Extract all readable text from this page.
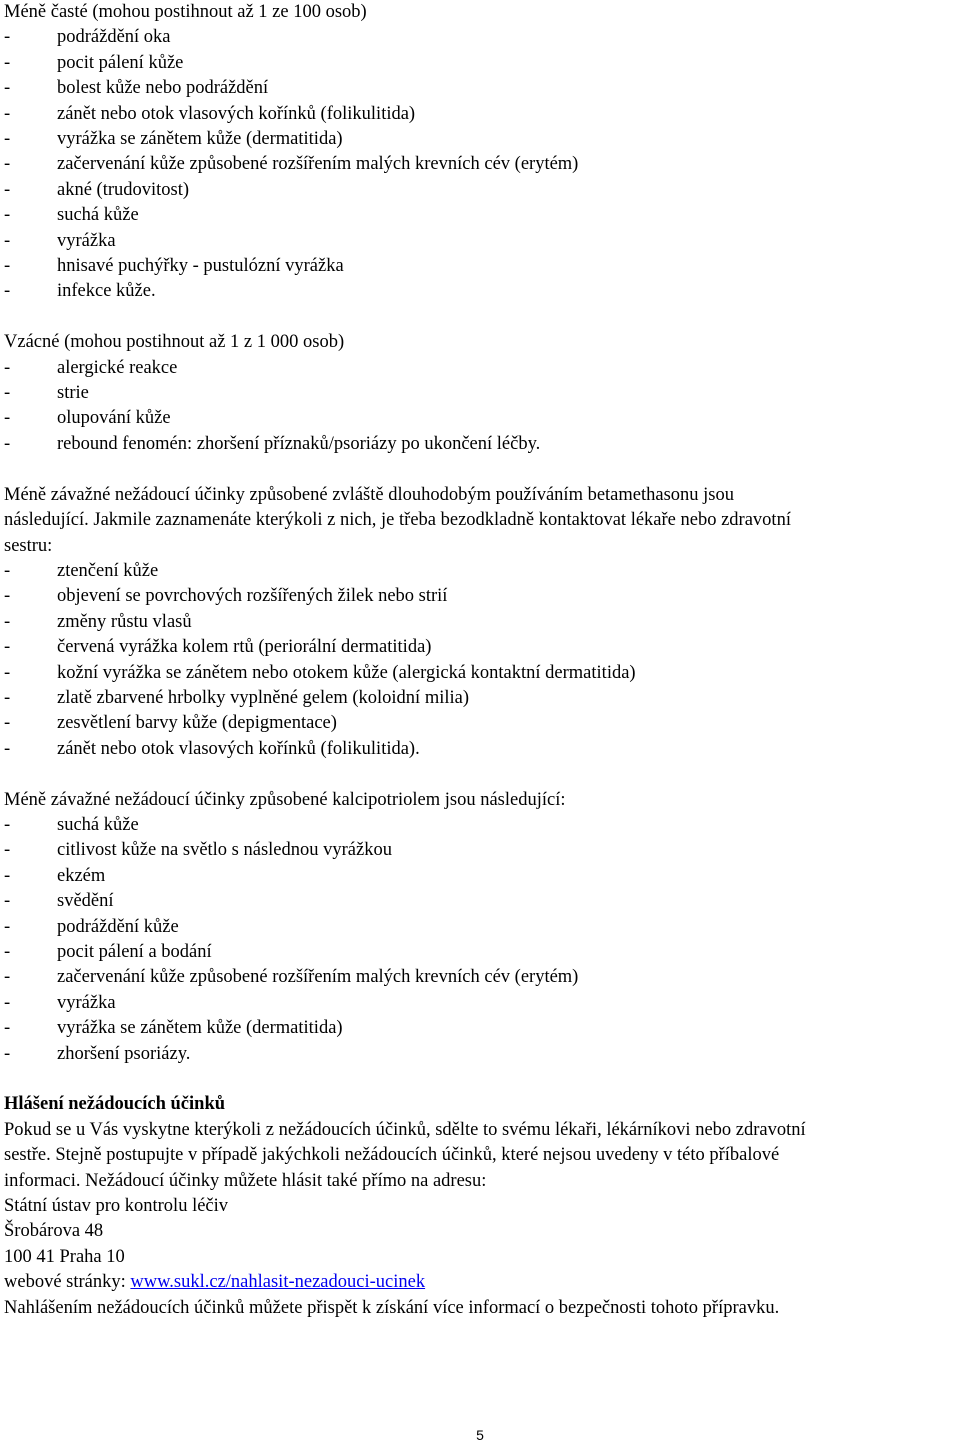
Méně časté (mohou postihnout až 1 ze 100 osob)
-	podráždění oka
-	pocit pálení kůže
-	bolest kůže nebo podráždění
-	zánět nebo otok vlasových kořínků (folikulitida)
-	vyrážka se zánětem kůže (dermatitida)
-	začervenání kůže způsobené rozšířením malých krevních cév (erytém)
-	akné (trudovitost)
-	suchá kůže
-	vyrážka
-	hnisavé puchýřky - pustulózní vyrážka
-	infekce kůže.
Vzácné (mohou postihnout až 1 z 1 000 osob)
-	alergické reakce
-	strie
-	olupování kůže
-	rebound fenomén: zhoršení příznaků/psoriázy po ukončení léčby.
Méně závažné nežádoucí účinky způsobené zvláště dlouhodobým používáním betamethasonu jsou
následující. Jakmile zaznamenáte kterýkoli z nich, je třeba bezodkladně kontaktovat lékaře nebo zdravotní
sestru:
-	ztenčení kůže
-	objevení se povrchových rozšířených žilek nebo strií
-	změny růstu vlasů
-	červená vyrážka kolem rtů (periorální dermatitida)
-	kožní vyrážka se zánětem nebo otokem kůže (alergická kontaktní dermatitida)
-	zlatě zbarvené hrbolky vyplněné gelem (koloidní milia)
-	zesvětlení barvy kůže (depigmentace)
-	zánět nebo otok vlasových kořínků (folikulitida).
Méně závažné nežádoucí účinky způsobené kalcipotriolem jsou následující:
-	suchá kůže
-	citlivost kůže na světlo s následnou vyrážkou
-	ekzém
-	svědění
-	podráždění kůže
-	pocit pálení a bodání
-	začervenání kůže způsobené rozšířením malých krevních cév (erytém)
-	vyrážka
-	vyrážka se zánětem kůže (dermatitida)
-	zhoršení psoriázy.
Hlášení nežádoucích účinků
Pokud se u Vás vyskytne kterýkoli z nežádoucích účinků, sdělte to svému lékaři, lékárníkovi nebo zdravotní
sestře. Stejně postupujte v případě jakýchkoli nežádoucích účinků, které nejsou uvedeny v této příbalové
informaci. Nežádoucí účinky můžete hlásit také přímo na adresu:
Státní ústav pro kontrolu léčiv
Šrobárova 48
100 41 Praha 10
webové stránky: www.sukl.cz/nahlasit-nezadouci-ucinek
Nahlášením nežádoucích účinků můžete přispět k získání více informací o bezpečnosti tohoto přípravku.
5
